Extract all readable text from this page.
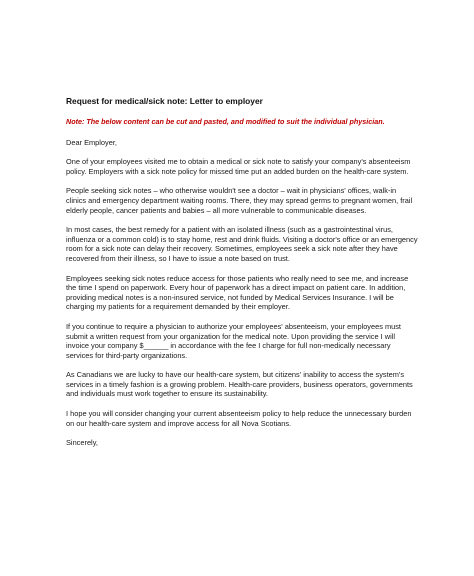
Request for medical/sick note: Letter to employer
Note: The below content can be cut and pasted, and modified to suit the individual physician.
Dear Employer,
One of your employees visited me to obtain a medical or sick note to satisfy your company's absenteeism policy. Employers with a sick note policy for missed time put an added burden on the health-care system.
People seeking sick notes – who otherwise wouldn't see a doctor – wait in physicians' offices, walk-in clinics and emergency department waiting rooms. There, they may spread germs to pregnant women, frail elderly people, cancer patients and babies – all more vulnerable to communicable diseases.
In most cases, the best remedy for a patient with an isolated illness (such as a gastrointestinal virus, influenza or a common cold) is to stay home, rest and drink fluids. Visiting a doctor's office or an emergency room for a sick note can delay their recovery. Sometimes, employees seek a sick note after they have recovered from their illness, so I have to issue a note based on trust.
Employees seeking sick notes reduce access for those patients who really need to see me, and increase the time I spend on paperwork. Every hour of paperwork has a direct impact on patient care. In addition, providing medical notes is a non-insured service, not funded by Medical Services Insurance. I will be charging my patients for a requirement demanded by their employer.
If you continue to require a physician to authorize your employees' absenteeism, your employees must submit a written request from your organization for the medical note. Upon providing the service I will invoice your company $______ in accordance with the fee I charge for full non-medically necessary services for third-party organizations.
As Canadians we are lucky to have our health-care system, but citizens' inability to access the system's services in a timely fashion is a growing problem. Health-care providers, business operators, governments and individuals must work together to ensure its sustainability.
I hope you will consider changing your current absenteeism policy to help reduce the unnecessary burden on our health-care system and improve access for all Nova Scotians.
Sincerely,
